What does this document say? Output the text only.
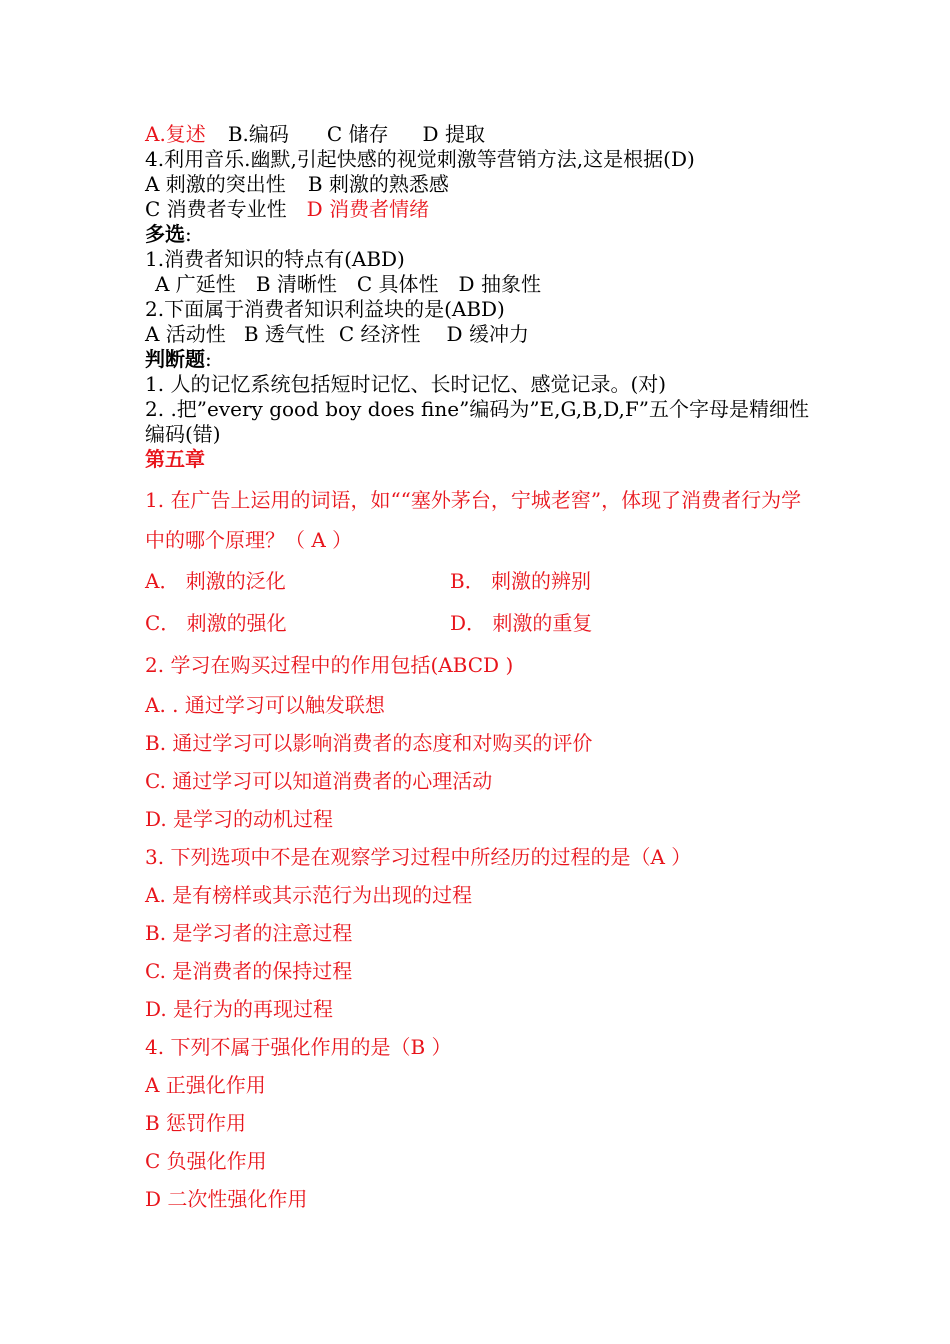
A.复述 B.编码 C 储存 D 提取
4.利用音乐.幽默,引起快感的视觉刺激等营销方法,这是根据(D)
A 刺激的突出性 B 刺激的熟悉感
C 消费者专业性 D 消费者情绪
多选:
1.消费者知识的特点有(ABD)
A 广延性 B 清晰性 C 具体性 D 抽象性
2.下面属于消费者知识利益块的是(ABD)
A 活动性 B 透气性 C 经济性 D 缓冲力
判断题:
1. 人的记忆系统包括短时记忆、长时记忆、感觉记录。(对)
2. .把”every good boy does fine”编码为”E,G,B,D,F”五个字母是精细性编码(错)
第五章
1. 在广告上运用的词语，如““塞外茅台，宁城老窖”，体现了消费者行为学中的哪个原理？（ A ）
A． 刺激的泛化	B． 刺激的辨别
C． 刺激的强化	D． 刺激的重复
2. 学习在购买过程中的作用包括(ABCD )
A. . 通过学习可以触发联想
B. 通过学习可以影响消费者的态度和对购买的评价
C. 通过学习可以知道消费者的心理活动
D. 是学习的动机过程
3. 下列选项中不是在观察学习过程中所经历的过程的是（A ）
A. 是有榜样或其示范行为出现的过程
B. 是学习者的注意过程
C. 是消费者的保持过程
D. 是行为的再现过程
4. 下列不属于强化作用的是（B ）
A 正强化作用
B 惩罚作用
C 负强化作用
D 二次性强化作用
